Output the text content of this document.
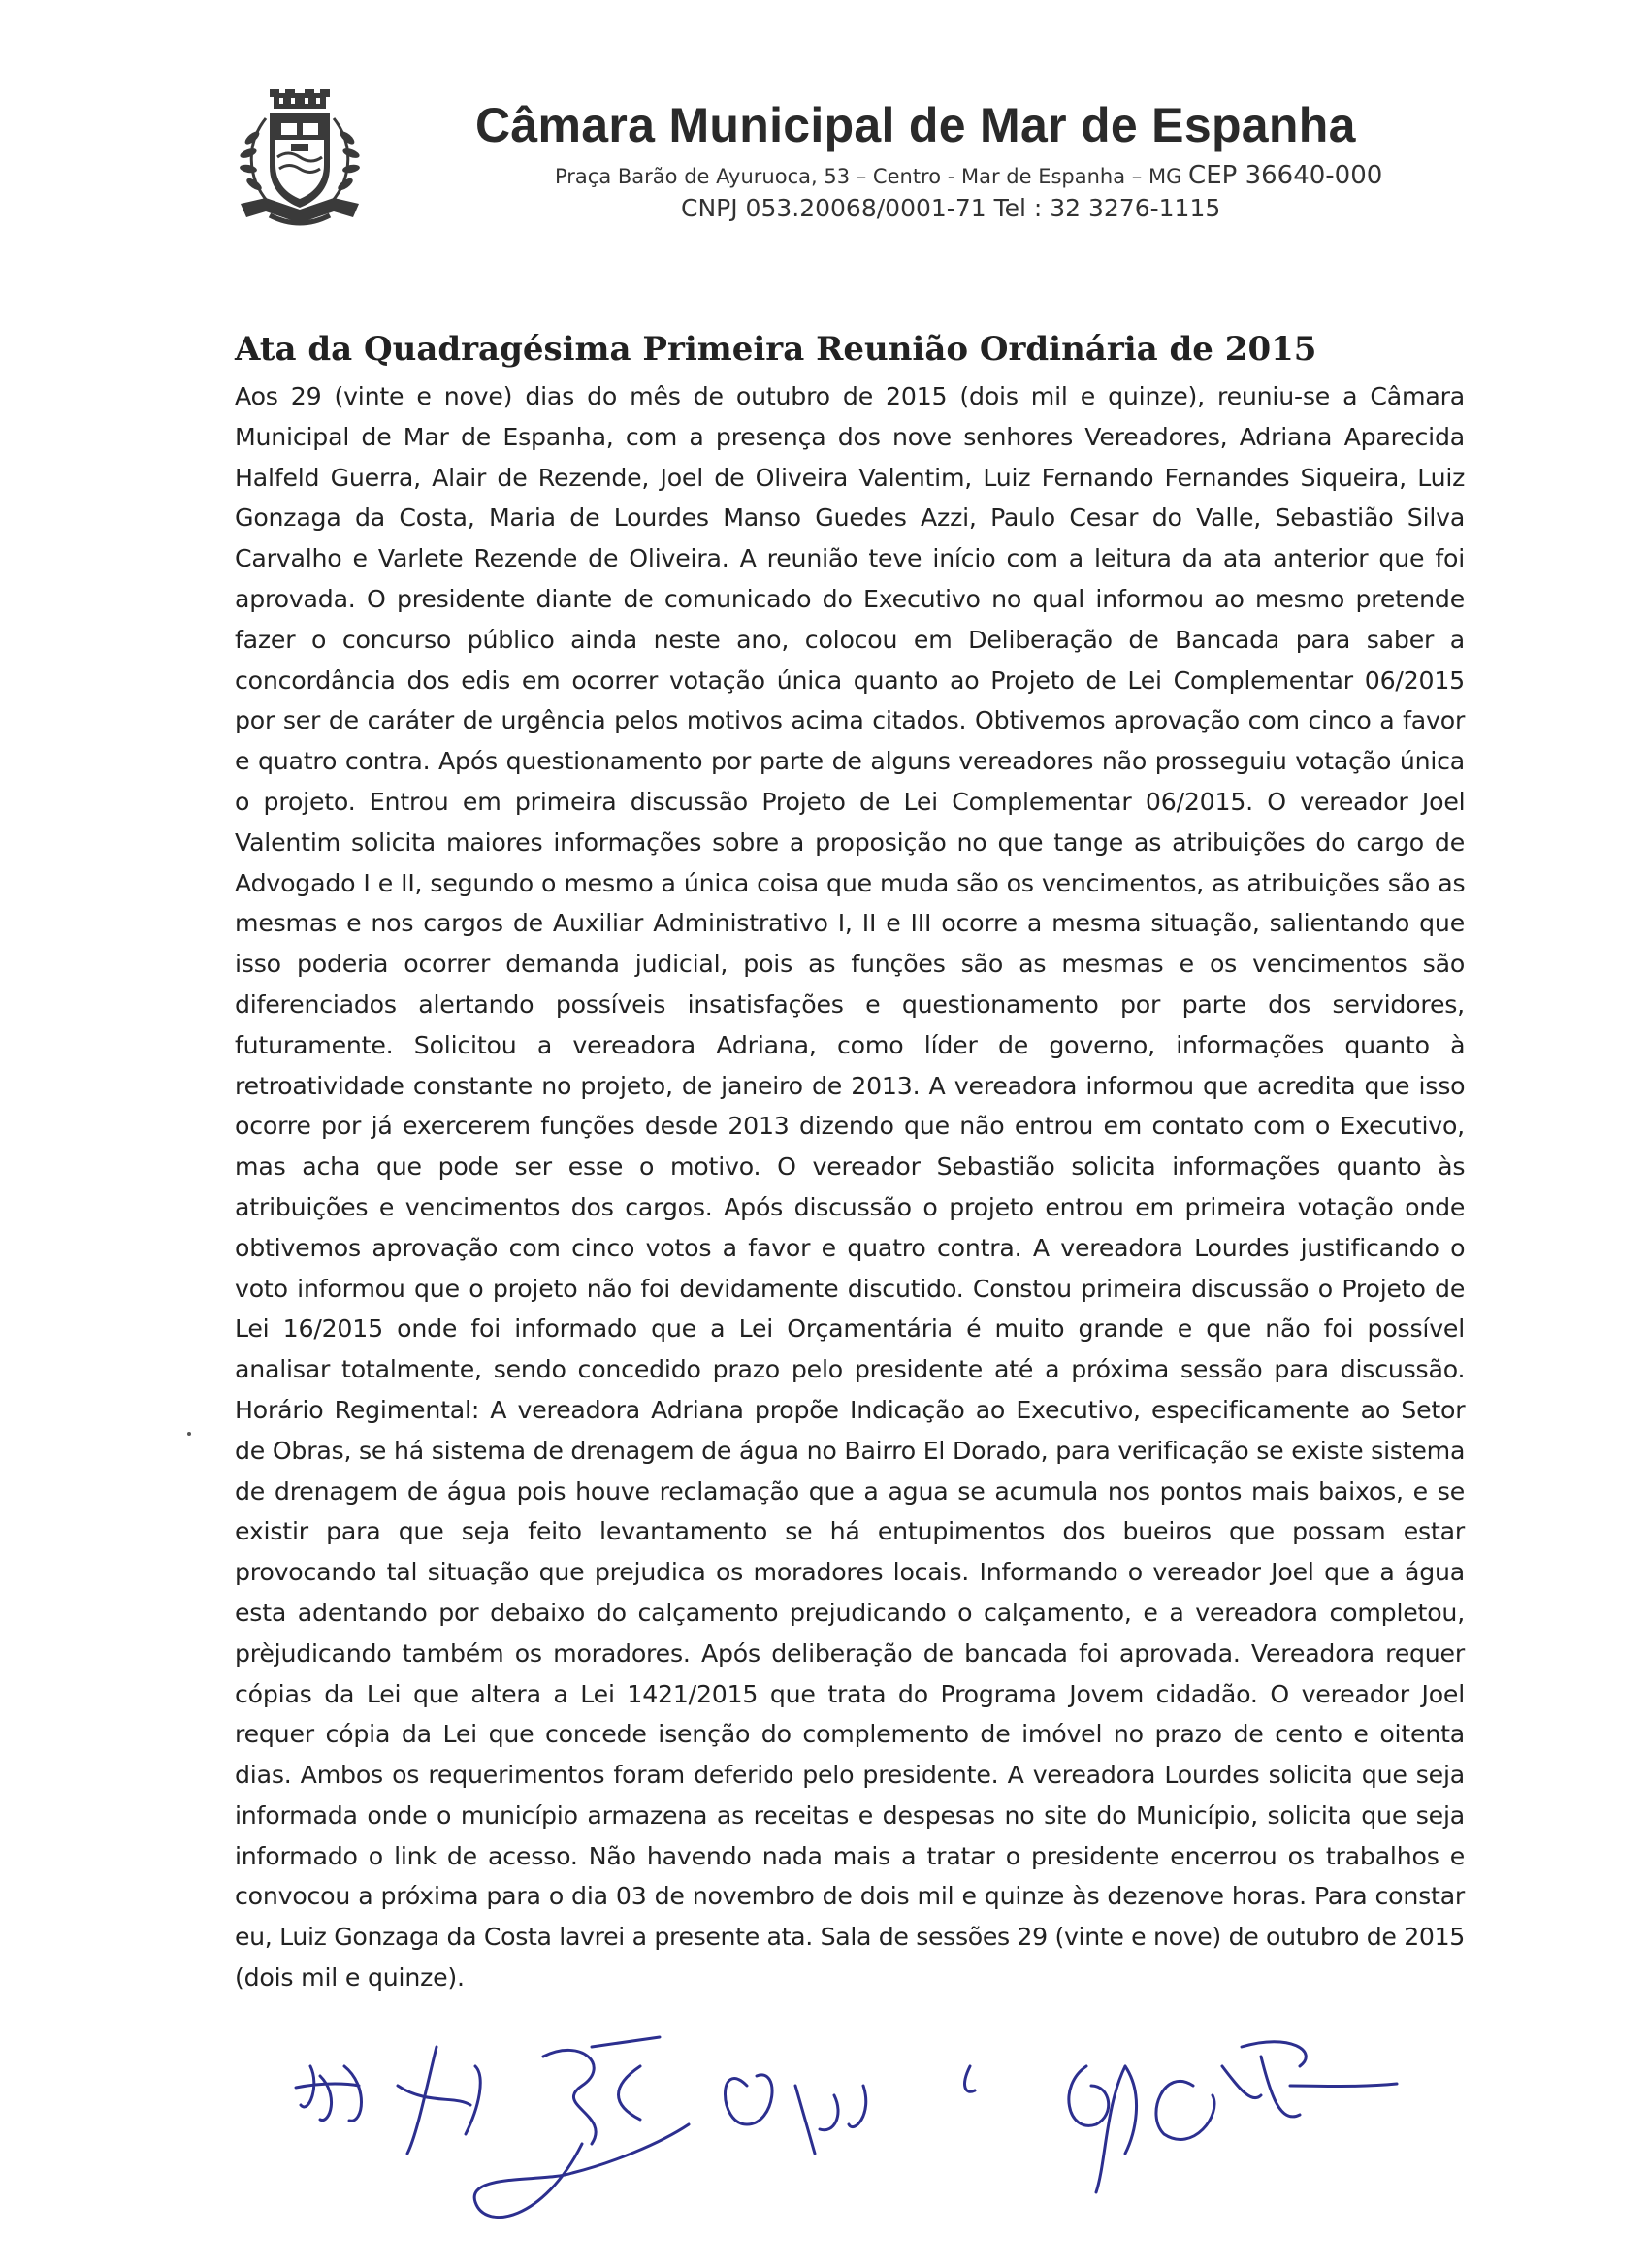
Câmara Municipal de Mar de Espanha
Praça Barão de Ayuruoca, 53 – Centro - Mar de Espanha – MG CEP 36640-000
CNPJ 053.20068/0001-71 Tel : 32 3276-1115
Ata da Quadragésima Primeira Reunião Ordinária de 2015
Aos 29 (vinte e nove) dias do mês de outubro de 2015 (dois mil e quinze), reuniu-se a Câmara
Municipal de Mar de Espanha, com a presença dos nove senhores Vereadores, Adriana Aparecida
Halfeld Guerra, Alair de Rezende, Joel de Oliveira Valentim, Luiz Fernando Fernandes Siqueira, Luiz
Gonzaga da Costa, Maria de Lourdes Manso Guedes Azzi, Paulo Cesar do Valle, Sebastião Silva
Carvalho e Varlete Rezende de Oliveira. A reunião teve início com a leitura da ata anterior que foi
aprovada. O presidente diante de comunicado do Executivo no qual informou ao mesmo pretende
fazer o concurso público ainda neste ano, colocou em Deliberação de Bancada para saber a
concordância dos edis em ocorrer votação única quanto ao Projeto de Lei Complementar 06/2015
por ser de caráter de urgência pelos motivos acima citados. Obtivemos aprovação com cinco a favor
e quatro contra. Após questionamento por parte de alguns vereadores não prosseguiu votação única
o projeto. Entrou em primeira discussão Projeto de Lei Complementar 06/2015. O vereador Joel
Valentim solicita maiores informações sobre a proposição no que tange as atribuições do cargo de
Advogado I e II, segundo o mesmo a única coisa que muda são os vencimentos, as atribuições são as
mesmas e nos cargos de Auxiliar Administrativo I, II e III ocorre a mesma situação, salientando que
isso poderia ocorrer demanda judicial, pois as funções são as mesmas e os vencimentos são
diferenciados alertando possíveis insatisfações e questionamento por parte dos servidores,
futuramente. Solicitou a vereadora Adriana, como líder de governo, informações quanto à
retroatividade constante no projeto, de janeiro de 2013. A vereadora informou que acredita que isso
ocorre por já exercerem funções desde 2013 dizendo que não entrou em contato com o Executivo,
mas acha que pode ser esse o motivo. O vereador Sebastião solicita informações quanto às
atribuições e vencimentos dos cargos. Após discussão o projeto entrou em primeira votação onde
obtivemos aprovação com cinco votos a favor e quatro contra. A vereadora Lourdes justificando o
voto informou que o projeto não foi devidamente discutido. Constou primeira discussão o Projeto de
Lei 16/2015 onde foi informado que a Lei Orçamentária é muito grande e que não foi possível
analisar totalmente, sendo concedido prazo pelo presidente até a próxima sessão para discussão.
Horário Regimental: A vereadora Adriana propõe Indicação ao Executivo, especificamente ao Setor
de Obras, se há sistema de drenagem de água no Bairro El Dorado, para verificação se existe sistema
de drenagem de água pois houve reclamação que a agua se acumula nos pontos mais baixos, e se
existir para que seja feito levantamento se há entupimentos dos bueiros que possam estar
provocando tal situação que prejudica os moradores locais. Informando o vereador Joel que a água
esta adentando por debaixo do calçamento prejudicando o calçamento, e a vereadora completou,
prèjudicando também os moradores. Após deliberação de bancada foi aprovada. Vereadora requer
cópias da Lei que altera a Lei 1421/2015 que trata do Programa Jovem cidadão. O vereador Joel
requer cópia da Lei que concede isenção do complemento de imóvel no prazo de cento e oitenta
dias. Ambos os requerimentos foram deferido pelo presidente. A vereadora Lourdes solicita que seja
informada onde o município armazena as receitas e despesas no site do Município, solicita que seja
informado o link de acesso. Não havendo nada mais a tratar o presidente encerrou os trabalhos e
convocou a próxima para o dia 03 de novembro de dois mil e quinze às dezenove horas. Para constar
eu, Luiz Gonzaga da Costa lavrei a presente ata. Sala de sessões 29 (vinte e nove) de outubro de 2015
(dois mil e quinze).
